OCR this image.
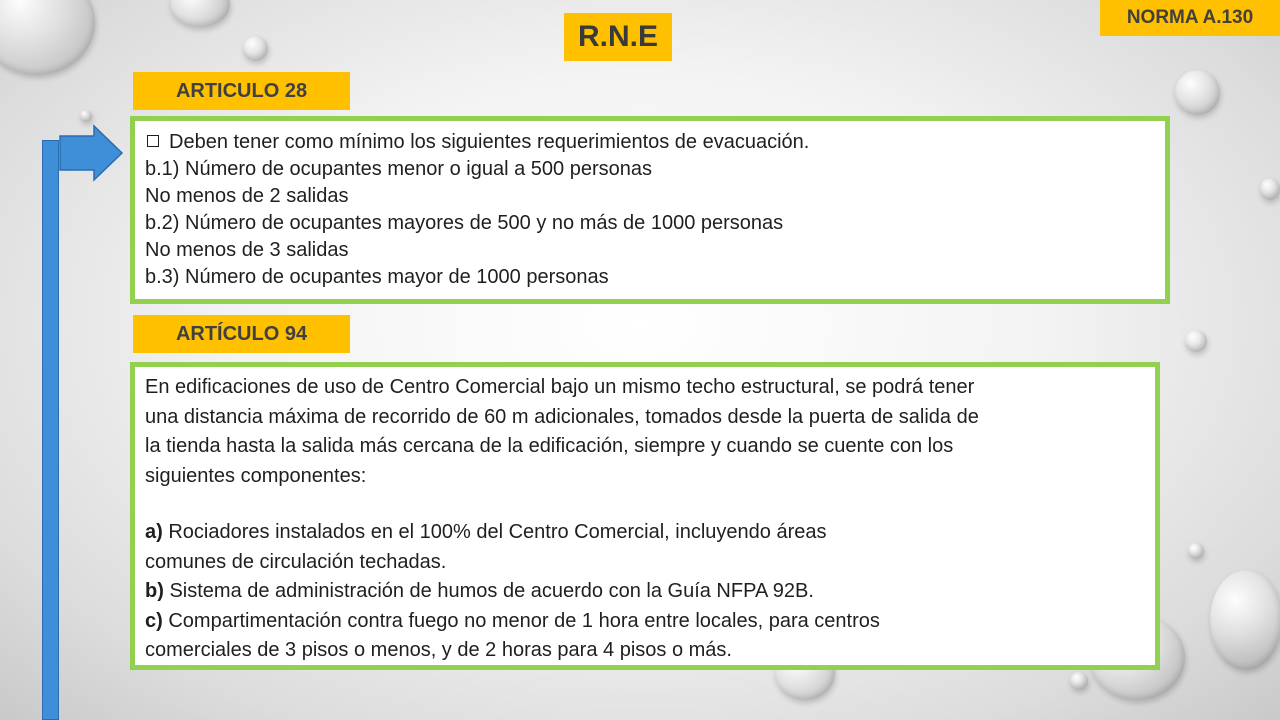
NORMA A.130
R.N.E
ARTICULO 28
Deben tener como mínimo los siguientes requerimientos de evacuación.
b.1) Número de ocupantes menor o igual a 500 personas
No menos de 2 salidas
b.2) Número de ocupantes mayores de 500 y no más de 1000 personas
No menos de 3 salidas
b.3) Número de ocupantes mayor de 1000 personas
ARTÍCULO 94
En edificaciones de uso de Centro Comercial bajo un mismo techo estructural, se podrá tener
una distancia máxima de recorrido de 60 m adicionales, tomados desde la puerta de salida de
la tienda hasta la salida más cercana de la edificación, siempre y cuando se cuente con los
siguientes componentes:
a) Rociadores instalados en el 100% del Centro Comercial, incluyendo áreas
comunes de circulación techadas.
b) Sistema de administración de humos de acuerdo con la Guía NFPA 92B.
c) Compartimentación contra fuego no menor de 1 hora entre locales, para centros
comerciales de 3 pisos o menos, y de 2 horas para 4 pisos o más.
